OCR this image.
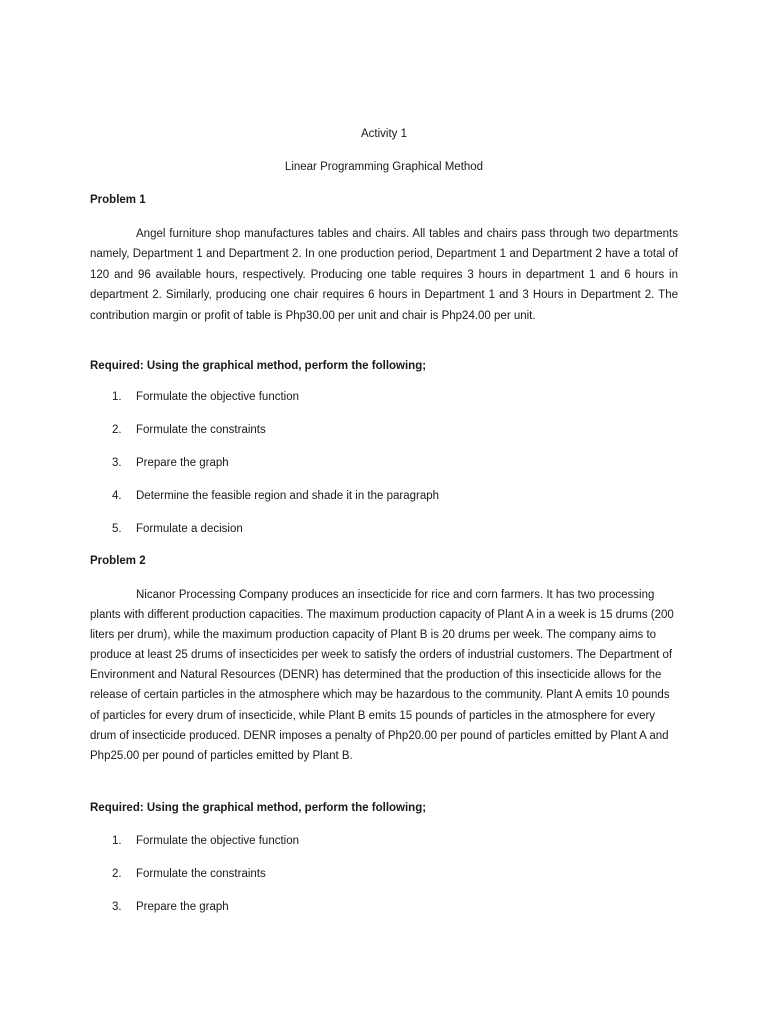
Activity 1
Linear Programming Graphical Method
Problem 1

Angel furniture shop manufactures tables and chairs. All tables and chairs pass through two departments namely, Department 1 and Department 2. In one production period, Department 1 and Department 2 have a total of 120 and 96 available hours, respectively. Producing one table requires 3 hours in department 1 and 6 hours in department 2. Similarly, producing one chair requires 6 hours in Department 1 and 3 Hours in Department 2. The contribution margin or profit of table is Php30.00 per unit and chair is Php24.00 per unit.

Required: Using the graphical method, perform the following;
1.	Formulate the objective function
2.	Formulate the constraints
3.	Prepare the graph
4.	Determine the feasible region and shade it in the paragraph
5.	Formulate a decision
Problem 2

Nicanor Processing Company produces an insecticide for rice and corn farmers. It has two processing plants with different production capacities. The maximum production capacity of Plant A in a week is 15 drums (200 liters per drum), while the maximum production capacity of Plant B is 20 drums per week. The company aims to produce at least 25 drums of insecticides per week to satisfy the orders of industrial customers. The Department of Environment and Natural Resources (DENR) has determined that the production of this insecticide allows for the release of certain particles in the atmosphere which may be hazardous to the community. Plant A emits 10 pounds of particles for every drum of insecticide, while Plant B emits 15 pounds of particles in the atmosphere for every drum of insecticide produced. DENR imposes a penalty of Php20.00 per pound of particles emitted by Plant A and Php25.00 per pound of particles emitted by Plant B.

Required: Using the graphical method, perform the following;
1.	Formulate the objective function
2.	Formulate the constraints
3.	Prepare the graph
